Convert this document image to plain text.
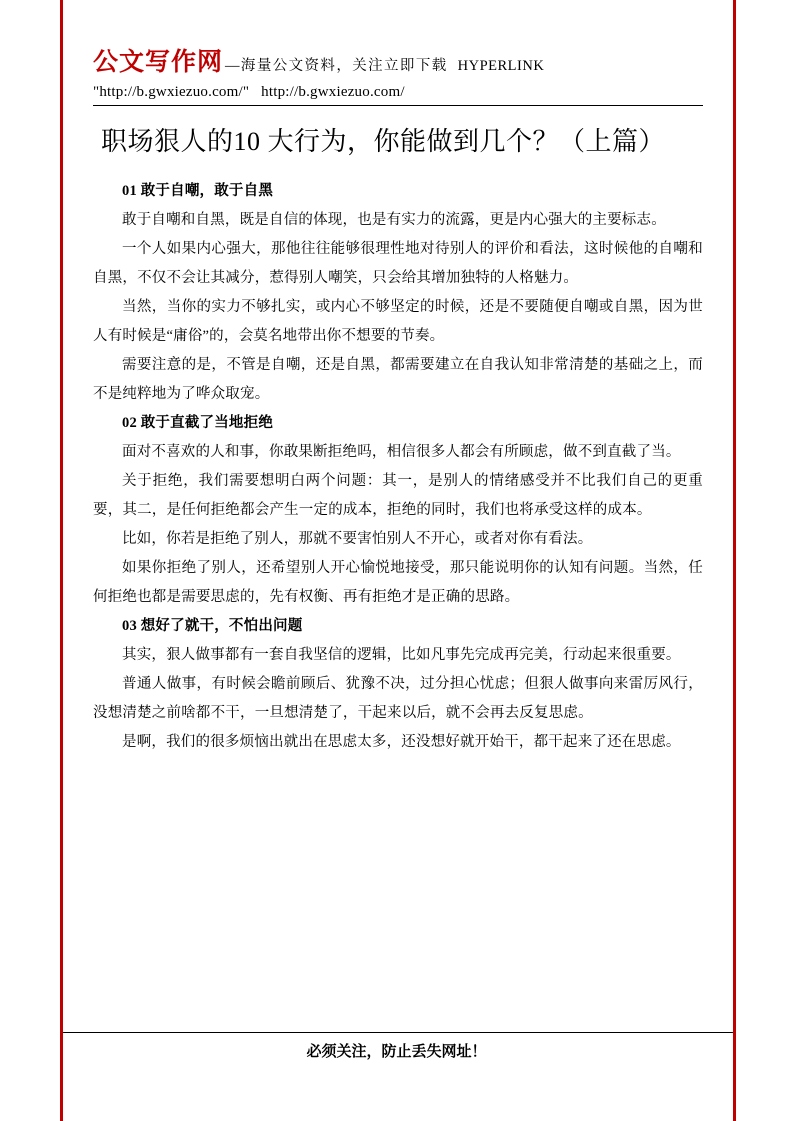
公文写作网 —海量公文资料，关注立即下载 HYPERLINK
"http://b.gwxiezuo.com/" http://b.gwxiezuo.com/
职场狠人的10 大行为，你能做到几个？（上篇）

01 敢于自嘲，敢于自黑

敢于自嘲和自黑，既是自信的体现，也是有实力的流露，更是内心强大的主要标志。

一个人如果内心强大，那他往往能够很理性地对待别人的评价和看法，这时候他的自嘲和自黑，不仅不会让其减分，惹得别人嘲笑，只会给其增加独特的人格魅力。

当然，当你的实力不够扎实，或内心不够坚定的时候，还是不要随便自嘲或自黑，因为世人有时候是“庸俗”的，会莫名地带出你不想要的节奏。

需要注意的是，不管是自嘲，还是自黑，都需要建立在自我认知非常清楚的基础之上，而不是纯粹地为了哗众取宠。

02 敢于直截了当地拒绝

面对不喜欢的人和事，你敢果断拒绝吗，相信很多人都会有所顾虑，做不到直截了当。

关于拒绝，我们需要想明白两个问题：其一，是别人的情绪感受并不比我们自己的更重要，其二，是任何拒绝都会产生一定的成本，拒绝的同时，我们也将承受这样的成本。

比如，你若是拒绝了别人，那就不要害怕别人不开心，或者对你有看法。

如果你拒绝了别人，还希望别人开心愉悦地接受，那只能说明你的认知有问题。当然，任何拒绝也都是需要思虑的，先有权衡、再有拒绝才是正确的思路。

03 想好了就干，不怕出问题

其实，狠人做事都有一套自我坚信的逻辑，比如凡事先完成再完美，行动起来很重要。

普通人做事，有时候会瞻前顾后、犹豫不决，过分担心忧虑；但狠人做事向来雷厉风行，没想清楚之前啥都不干，一旦想清楚了，干起来以后，就不会再去反复思虑。

是啊，我们的很多烦恼出就出在思虑太多，还没想好就开始干，都干起来了还在思虑。

必须关注，防止丢失网址！
